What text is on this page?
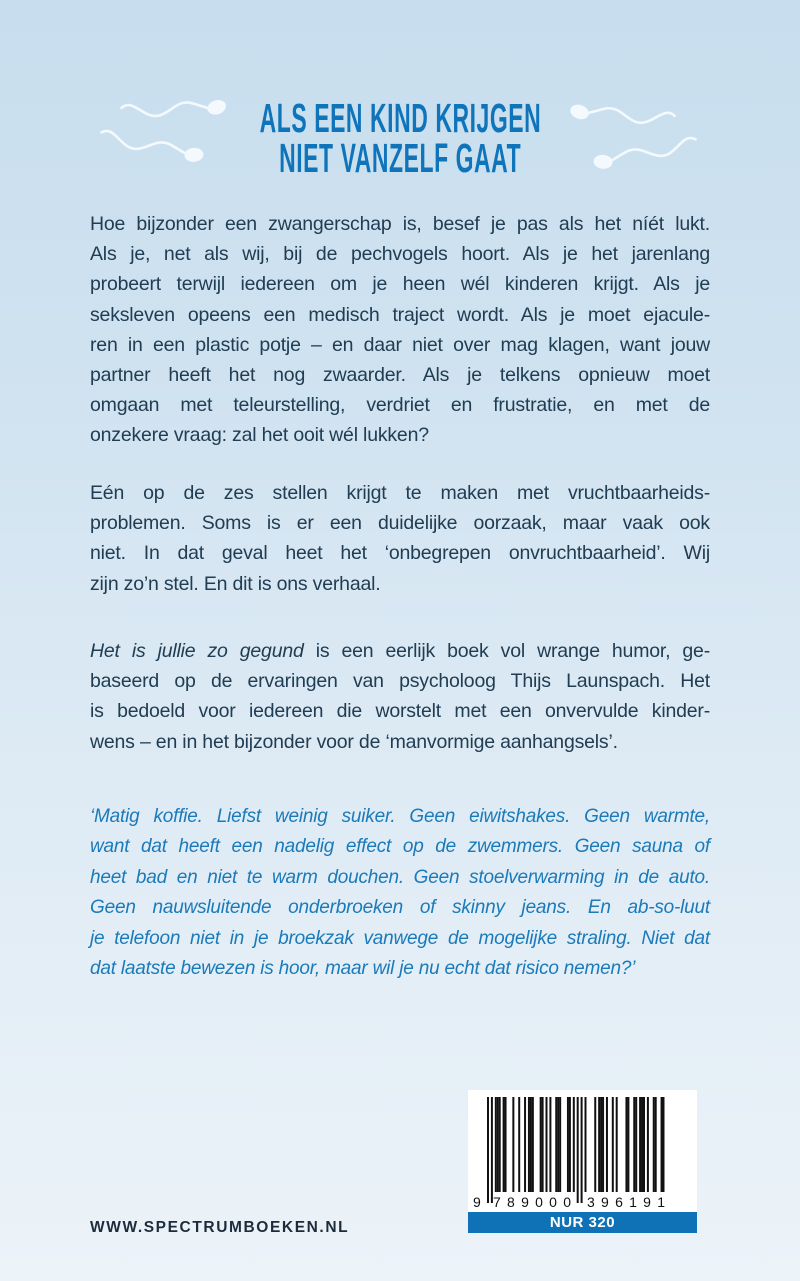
ALS EEN KIND KRIJGEN
NIET VANZELF GAAT
Hoe bijzonder een zwangerschap is, besef je pas als het níét lukt.
Als je, net als wij, bij de pechvogels hoort. Als je het jarenlang
probeert terwijl iedereen om je heen wél kinderen krijgt. Als je
seksleven opeens een medisch traject wordt. Als je moet ejacule-
ren in een plastic potje – en daar niet over mag klagen, want jouw
partner heeft het nog zwaarder. Als je telkens opnieuw moet
omgaan met teleurstelling, verdriet en frustratie, en met de
onzekere vraag: zal het ooit wél lukken?
Eén op de zes stellen krijgt te maken met vruchtbaarheids-
problemen. Soms is er een duidelijke oorzaak, maar vaak ook
niet. In dat geval heet het ‘onbegrepen onvruchtbaarheid’. Wij
zijn zo’n stel. En dit is ons verhaal.
Het is jullie zo gegund is een eerlijk boek vol wrange humor, ge-
baseerd op de ervaringen van psycholoog Thijs Launspach. Het
is bedoeld voor iedereen die worstelt met een onvervulde kinder-
wens – en in het bijzonder voor de ‘manvormige aanhangsels’.
‘Matig koffie. Liefst weinig suiker. Geen eiwitshakes. Geen warmte,
want dat heeft een nadelig effect op de zwemmers. Geen sauna of
heet bad en niet te warm douchen. Geen stoelverwarming in de auto.
Geen nauwsluitende onderbroeken of skinny jeans. En ab-so-luut
je telefoon niet in je broekzak vanwege de mogelijke straling. Niet dat
dat laatste bewezen is hoor, maar wil je nu echt dat risico nemen?’
WWW.SPECTRUMBOEKEN.NL
9 789000 396191
NUR 320
